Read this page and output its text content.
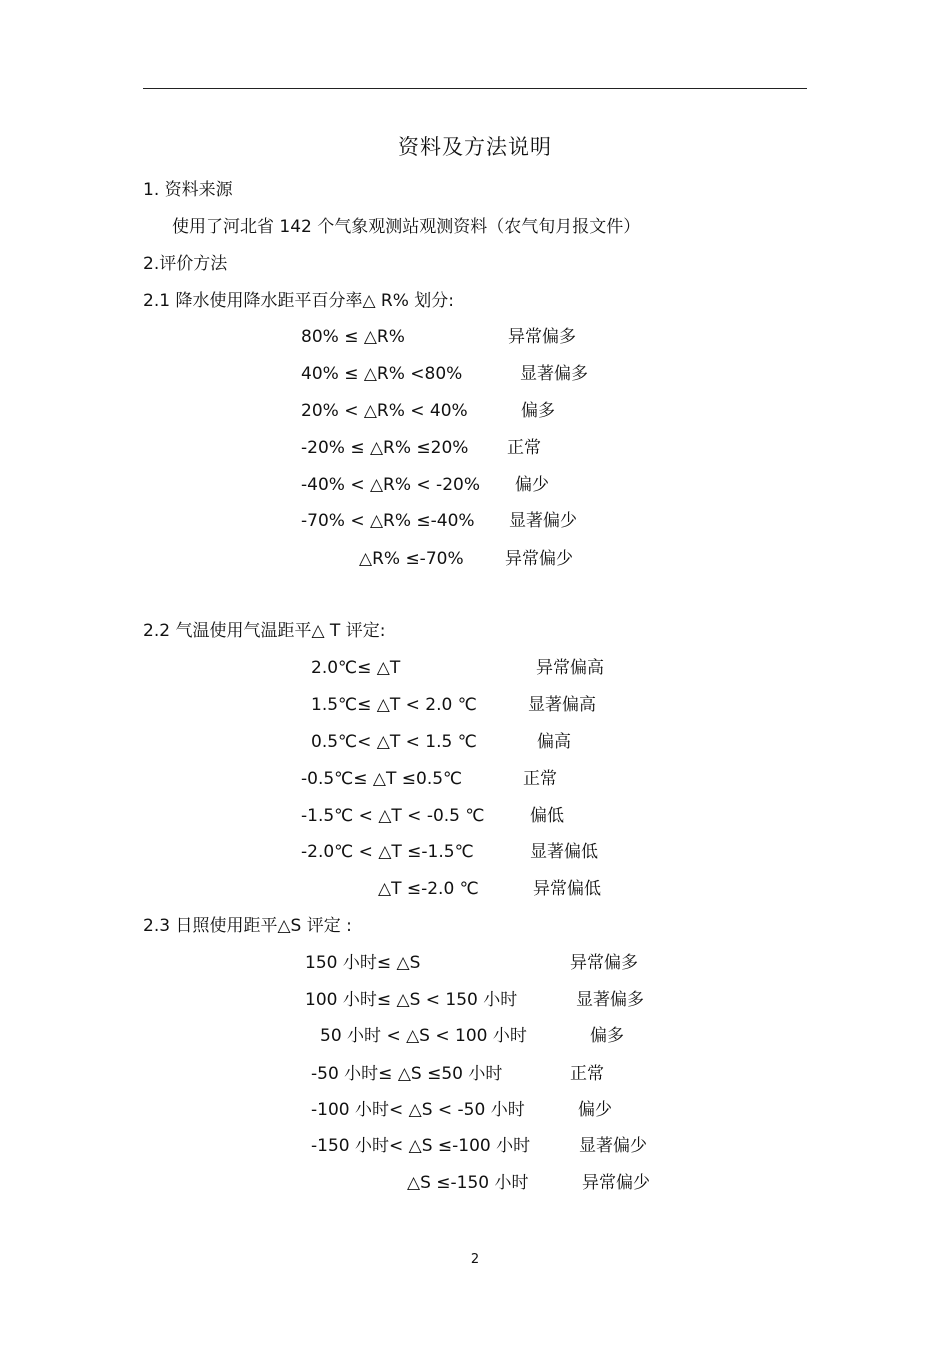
资料及方法说明
1. 资料来源
使用了河北省 142 个气象观测站观测资料（农气旬月报文件）
2.评价方法
2.1 降水使用降水距平百分率△ R% 划分:
80% ≤ △R%	异常偏多
40% ≤ △R% <80%	显著偏多
20% < △R% < 40%	偏多
-20% ≤ △R% ≤20% 正常
-40% < △R% < -20% 偏少
-70% < △R% ≤-40% 显著偏少
△R% ≤-70% 异常偏少
2.2 气温使用气温距平△ T 评定:
2.0℃≤ △T	异常偏高
1.5℃≤ △T < 2.0 ℃	显著偏高
0.5℃< △T < 1.5 ℃	偏高
-0.5℃≤ △T ≤0.5℃	正常
-1.5℃ < △T < -0.5 ℃	偏低
-2.0℃ < △T ≤-1.5℃	显著偏低
△T ≤-2.0 ℃	异常偏低
2.3 日照使用距平△S 评定 :
150 小时≤ △S	异常偏多
100 小时≤ △S < 150 小时	显著偏多
50 小时 < △S < 100 小时	偏多
-50 小时≤ △S ≤50 小时	正常
-100 小时< △S < -50 小时	偏少
-150 小时< △S ≤-100 小时	显著偏少
△S ≤-150 小时	异常偏少
2
